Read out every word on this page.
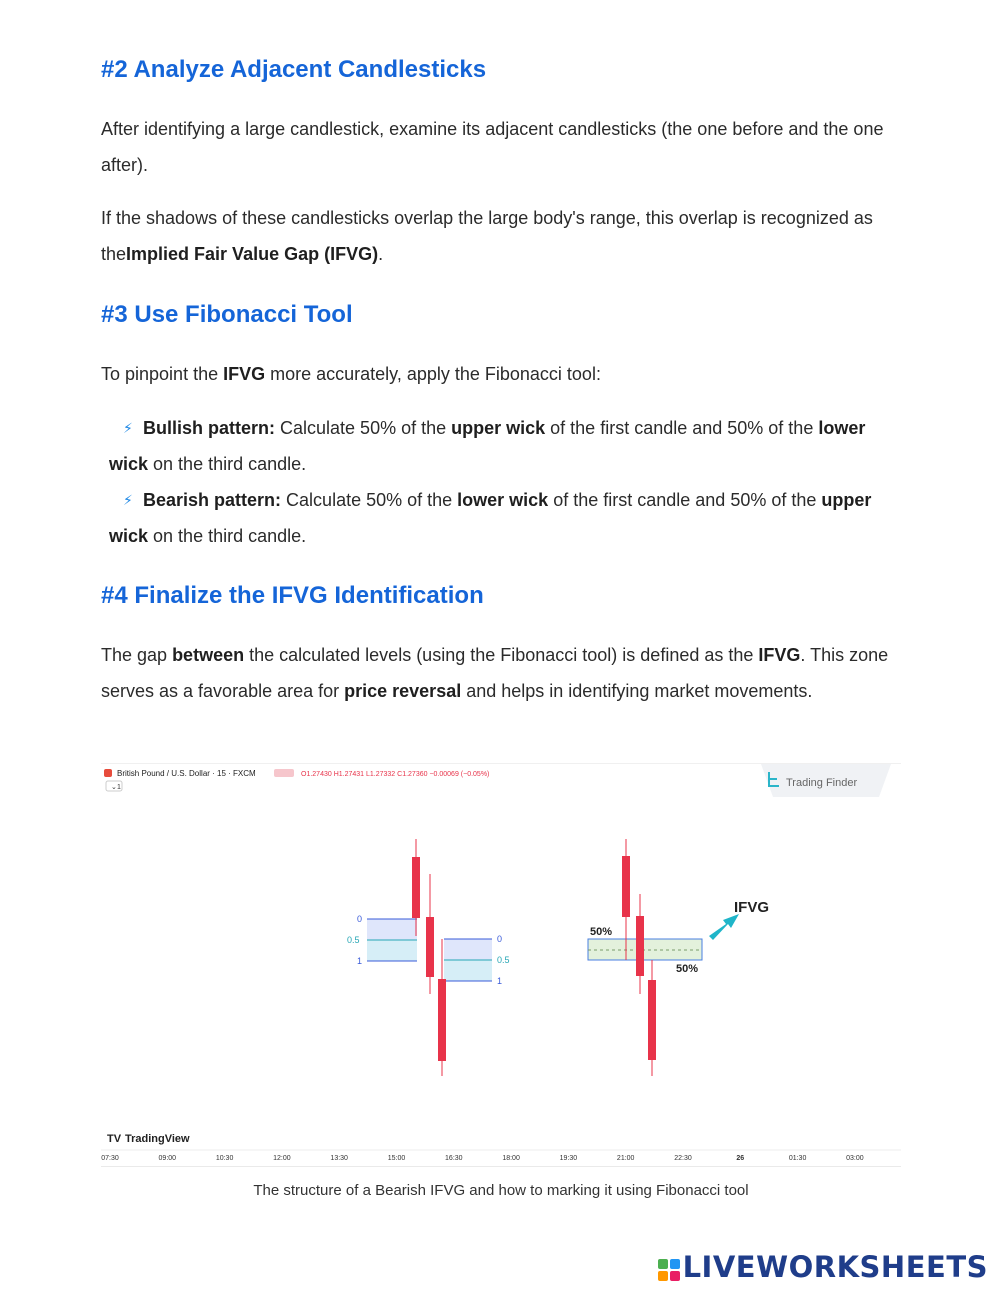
#2 Analyze Adjacent Candlesticks

After identifying a large candlestick, examine its adjacent candlesticks (the one before and the one after).

If the shadows of these candlesticks overlap the large body's range, this overlap is recognized as theImplied Fair Value Gap (IFVG).

#3 Use Fibonacci Tool

To pinpoint the IFVG more accurately, apply the Fibonacci tool:

⚡ Bullish pattern: Calculate 50% of the upper wick of the first candle and 50% of the lower wick on the third candle.
⚡ Bearish pattern: Calculate 50% of the lower wick of the first candle and 50% of the upper wick on the third candle.
#4 Finalize the IFVG Identification

The gap between the calculated levels (using the Fibonacci tool) is defined as the IFVG. This zone serves as a favorable area for price reversal and helps in identifying market movements.

British Pound / U.S. Dollar · 15 · FXCM	O1.27430 H1.27431 L1.27332 C1.27360 −0.00069 (−0.05%)
⌄ 1	Trading Finder
0
0.5
1
0
0.5
1
50%
50%
IFVG
TV TradingView
07:30	09:00	10:30	12:00	13:30	15:00	16:30	18:00	19:30	21:00	22:30	26	01:30	03:00
The structure of a Bearish IFVG and how to marking it using Fibonacci tool
LIVEWORKSHEETS
